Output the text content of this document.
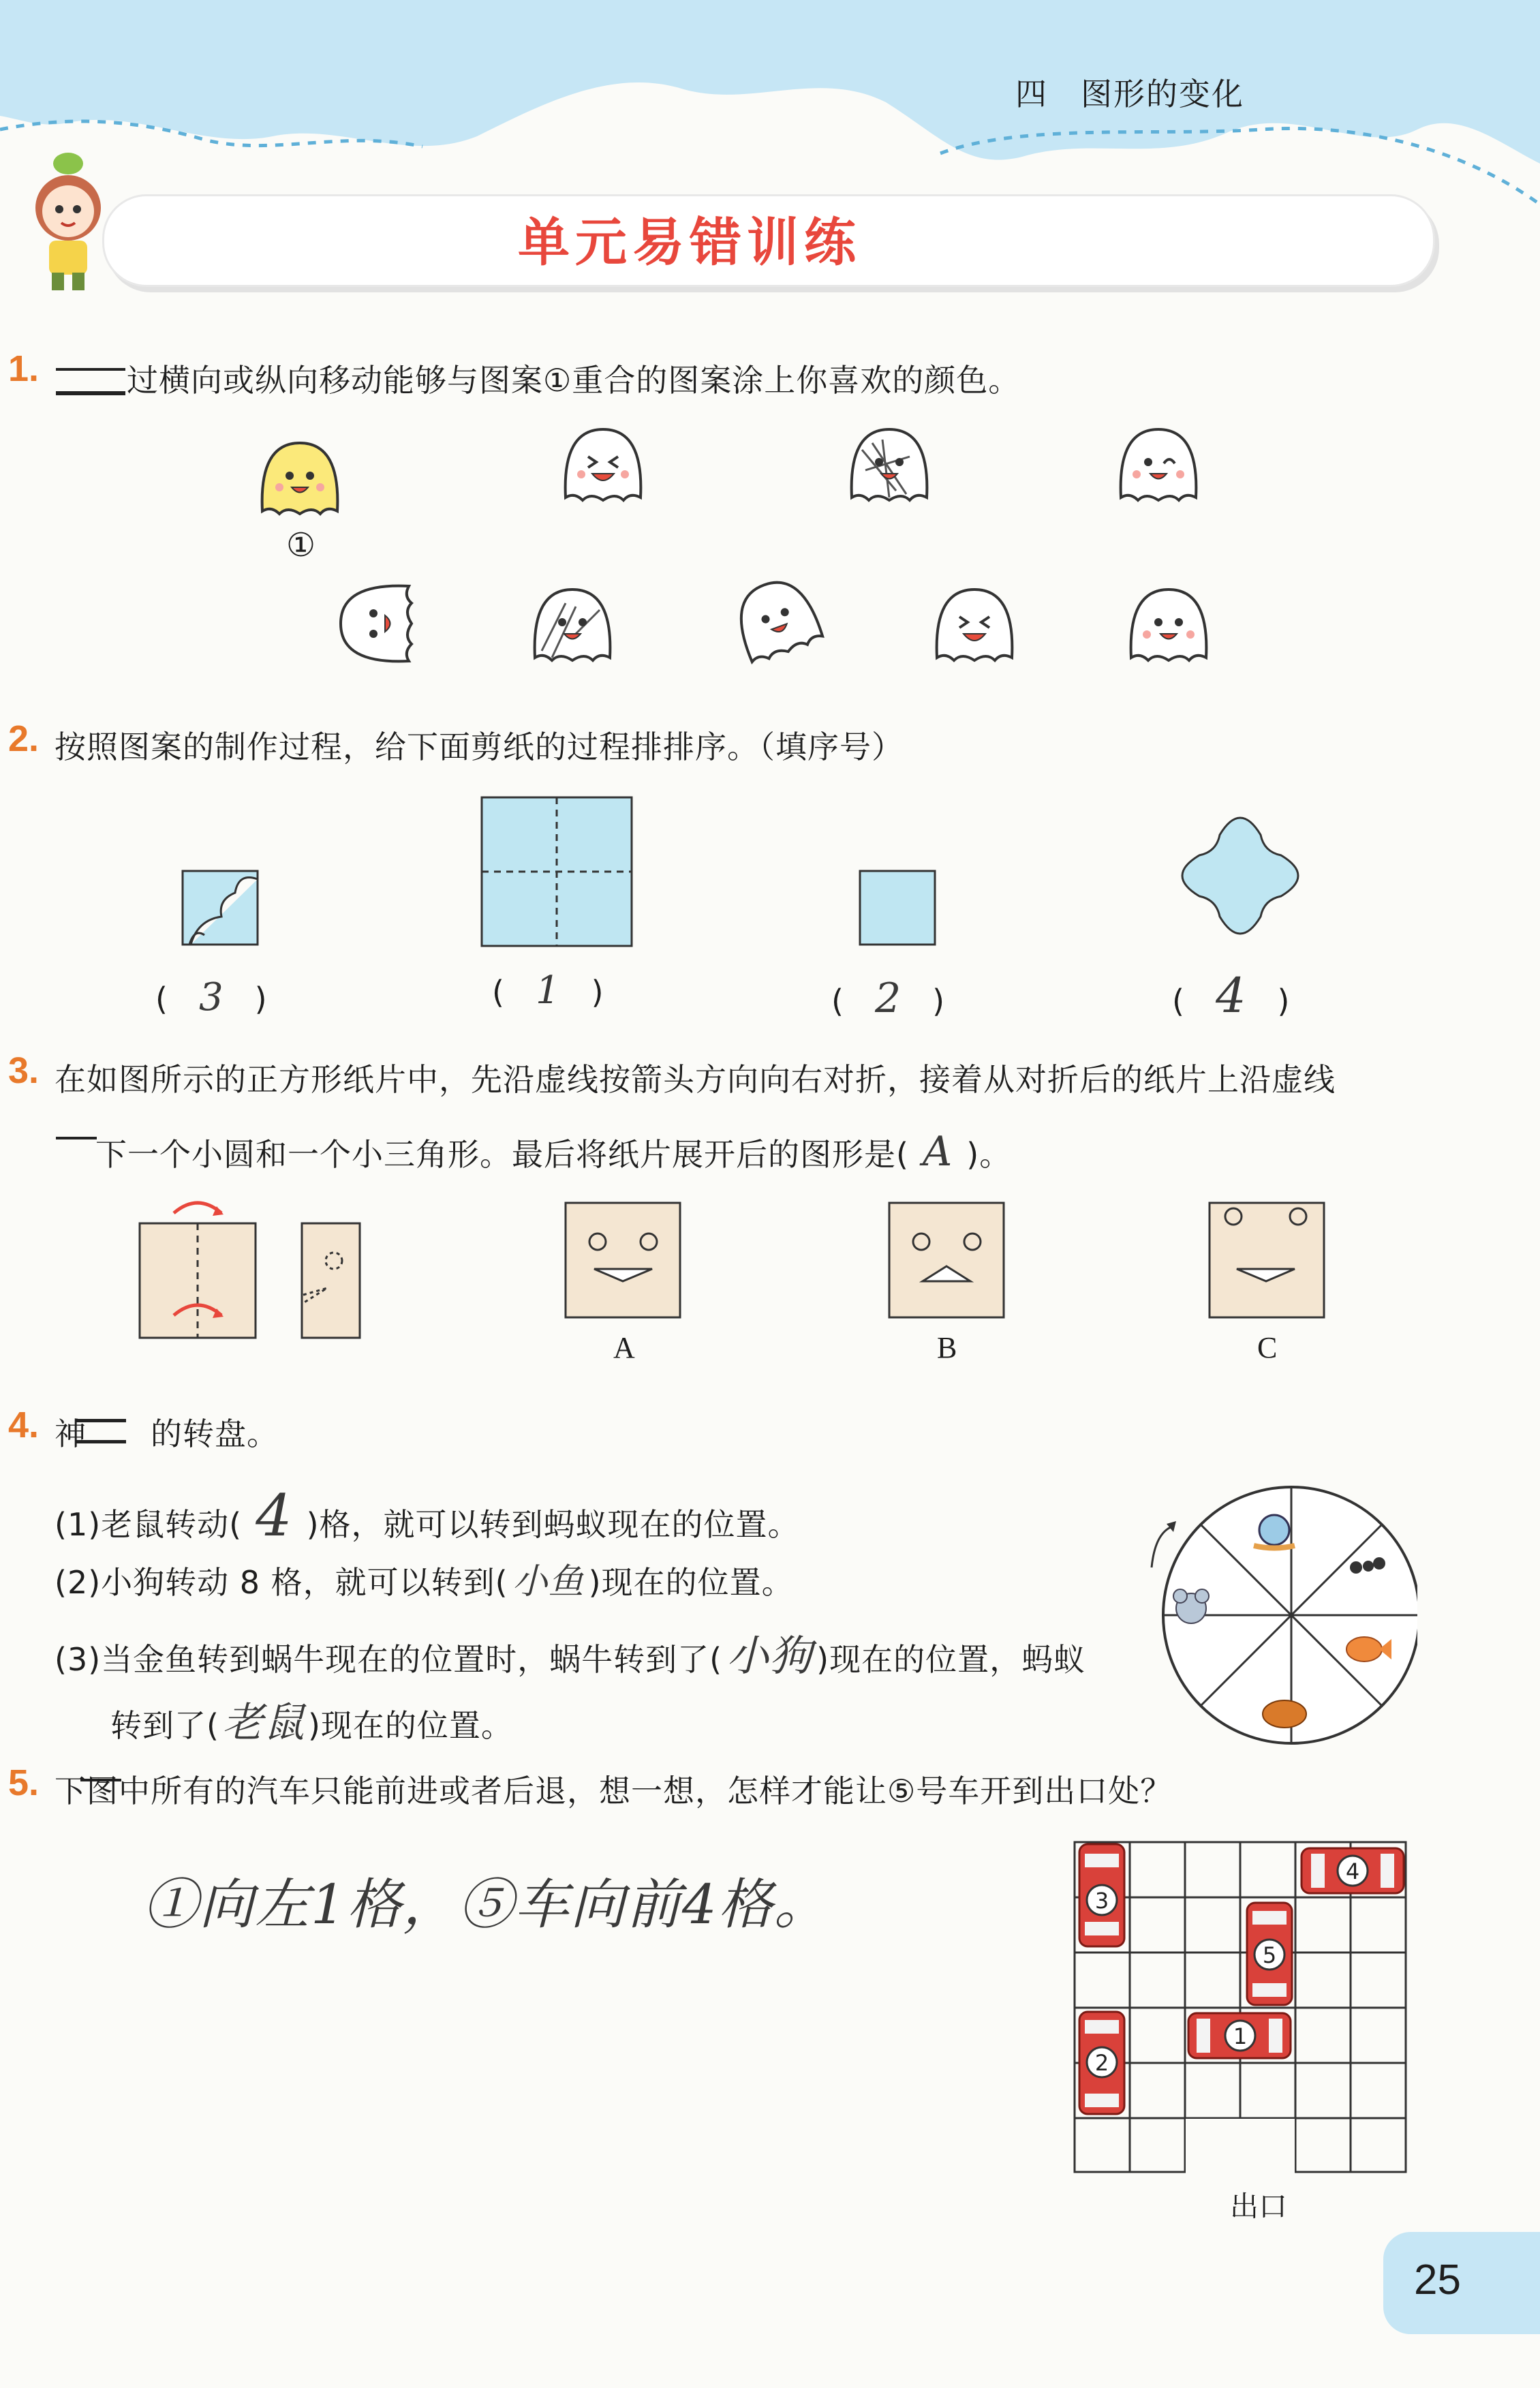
四　图形的变化
单元易错训练
1.	过横向或纵向移动能够与图案①重合的图案涂上你喜欢的颜色。
①
2. 按照图案的制作过程，给下面剪纸的过程排排序。（填序号）
(　3　)	(　1　)	(　2　)	(　4　)
3. 在如图所示的正方形纸片中，先沿虚线按箭头方向向右对折，接着从对折后的纸片上沿虚线
下一个小圆和一个小三角形。最后将纸片展开后的图形是( A )。
A	B	C
4. 神　　的转盘。
(1)老鼠转动( 4 )格，就可以转到蚂蚁现在的位置。
(2)小狗转动 8 格，就可以转到( 小鱼 )现在的位置。
(3)当金鱼转到蜗牛现在的位置时，蜗牛转到了(小狗 )现在的位置，蚂蚁
转到了(老鼠)现在的位置。
5. 下图中所有的汽车只能前进或者后退，想一想，怎样才能让⑤号车开到出口处？
①向左1格，⑤车向前4格。	3
4
5
1
2
出口
25
